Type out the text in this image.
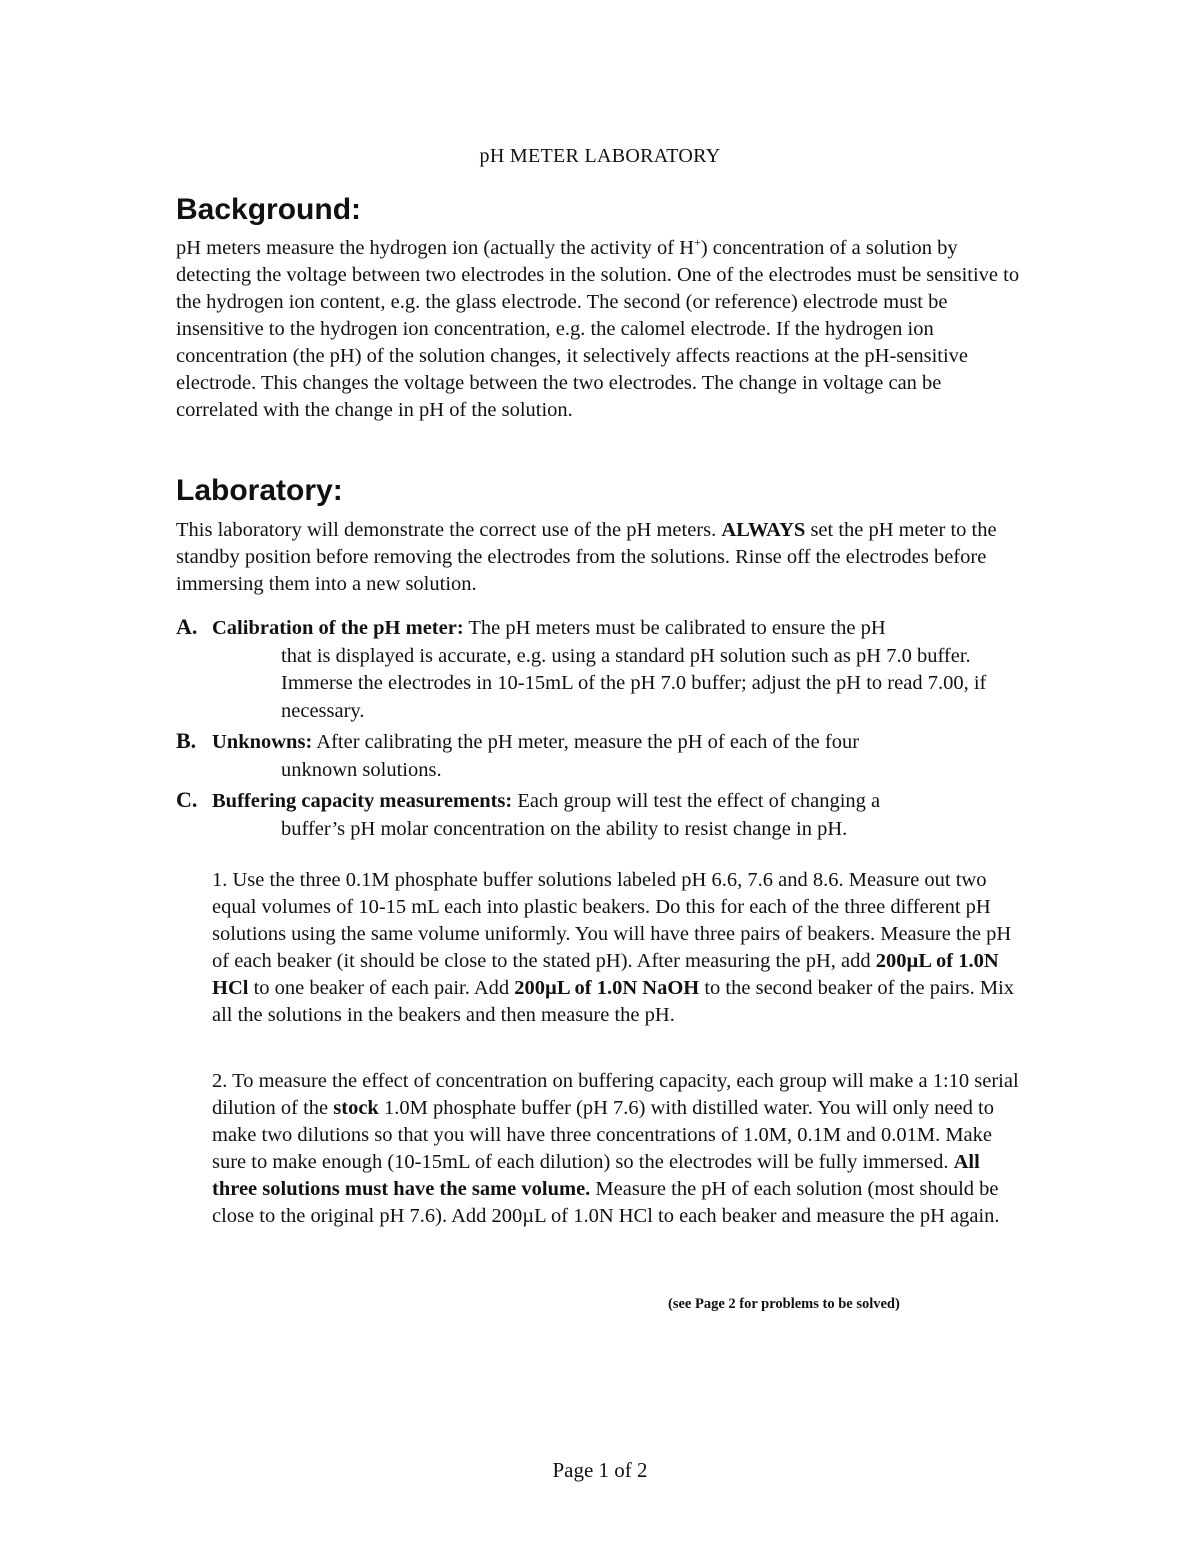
pH METER LABORATORY
Background:
pH meters measure the hydrogen ion (actually the activity of H+) concentration of a solution by detecting the voltage between two electrodes in the solution. One of the electrodes must be sensitive to the hydrogen ion content, e.g. the glass electrode. The second (or reference) electrode must be insensitive to the hydrogen ion concentration, e.g. the calomel electrode. If the hydrogen ion concentration (the pH) of the solution changes, it selectively affects reactions at the pH-sensitive electrode. This changes the voltage between the two electrodes. The change in voltage can be correlated with the change in pH of the solution.
Laboratory:
This laboratory will demonstrate the correct use of the pH meters. ALWAYS set the pH meter to the standby position before removing the electrodes from the solutions. Rinse off the electrodes before immersing them into a new solution.
A. Calibration of the pH meter: The pH meters must be calibrated to ensure the pH
that is displayed is accurate, e.g. using a standard pH solution such as pH 7.0 buffer. Immerse the electrodes in 10-15mL of the pH 7.0 buffer; adjust the pH to read 7.00, if necessary.
B. Unknowns: After calibrating the pH meter, measure the pH of each of the four
unknown solutions.
C. Buffering capacity measurements: Each group will test the effect of changing a
buffer’s pH molar concentration on the ability to resist change in pH.
1. Use the three 0.1M phosphate buffer solutions labeled pH 6.6, 7.6 and 8.6. Measure out two equal volumes of 10-15 mL each into plastic beakers. Do this for each of the three different pH solutions using the same volume uniformly. You will have three pairs of beakers. Measure the pH of each beaker (it should be close to the stated pH). After measuring the pH, add 200µL of 1.0N HCl to one beaker of each pair. Add 200µL of 1.0N NaOH to the second beaker of the pairs. Mix all the solutions in the beakers and then measure the pH.
2. To measure the effect of concentration on buffering capacity, each group will make a 1:10 serial dilution of the stock 1.0M phosphate buffer (pH 7.6) with distilled water. You will only need to make two dilutions so that you will have three concentrations of 1.0M, 0.1M and 0.01M. Make sure to make enough (10-15mL of each dilution) so the electrodes will be fully immersed. All three solutions must have the same volume. Measure the pH of each solution (most should be close to the original pH 7.6). Add 200µL of 1.0N HCl to each beaker and measure the pH again.
(see Page 2 for problems to be solved)
Page 1 of 2
